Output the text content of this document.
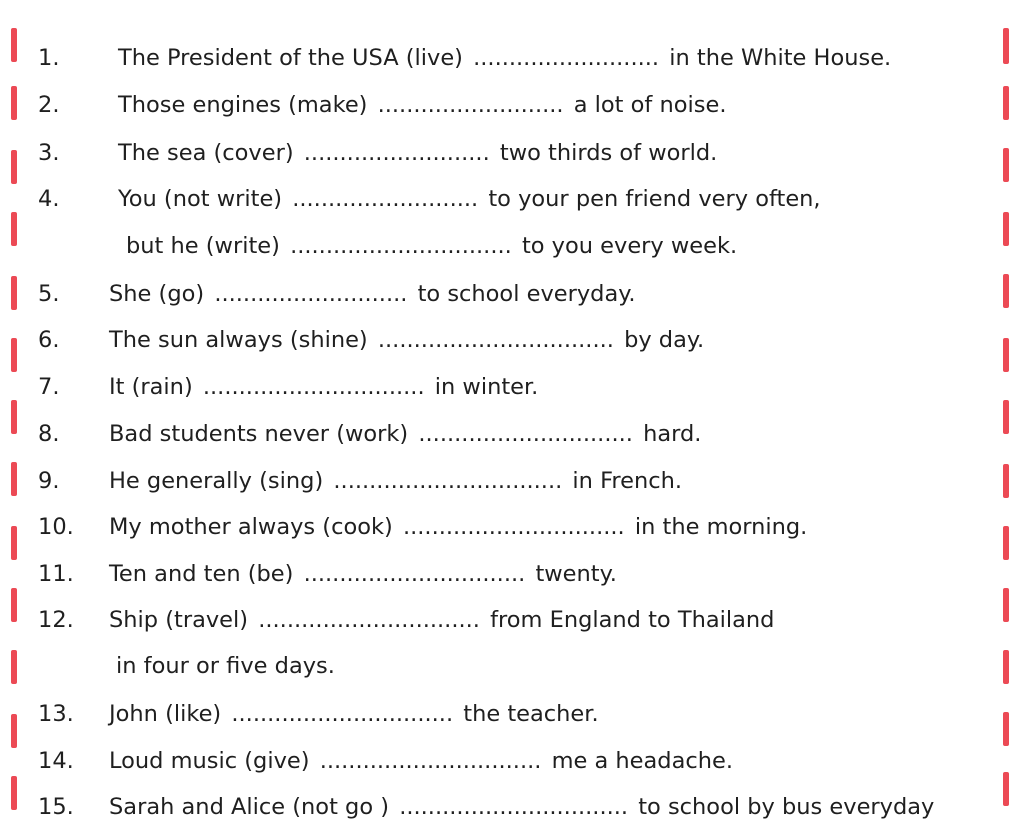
1.	The President of the USA (live) .......................... in the White House.
2.	Those engines (make) .......................... a lot of noise.
3.	The sea (cover) .......................... two thirds of world.
4.	You (not write) .......................... to your pen friend very often,
but he (write) ............................... to you every week.
5. She (go) ........................... to school everyday.
6. The sun always (shine) ................................. by day.
7. It (rain) ............................... in winter.
8. Bad students never (work) .............................. hard.
9. He generally (sing) ................................ in French.
10. My mother always (cook) ............................... in the morning.
11. Ten and ten (be) ............................... twenty.
12. Ship (travel) ............................... from England to Thailand
in four or five days.
13. John (like) ............................... the teacher.
14. Loud music (give) ............................... me a headache.
15. Sarah and Alice (not go ) ................................ to school by bus everyday
